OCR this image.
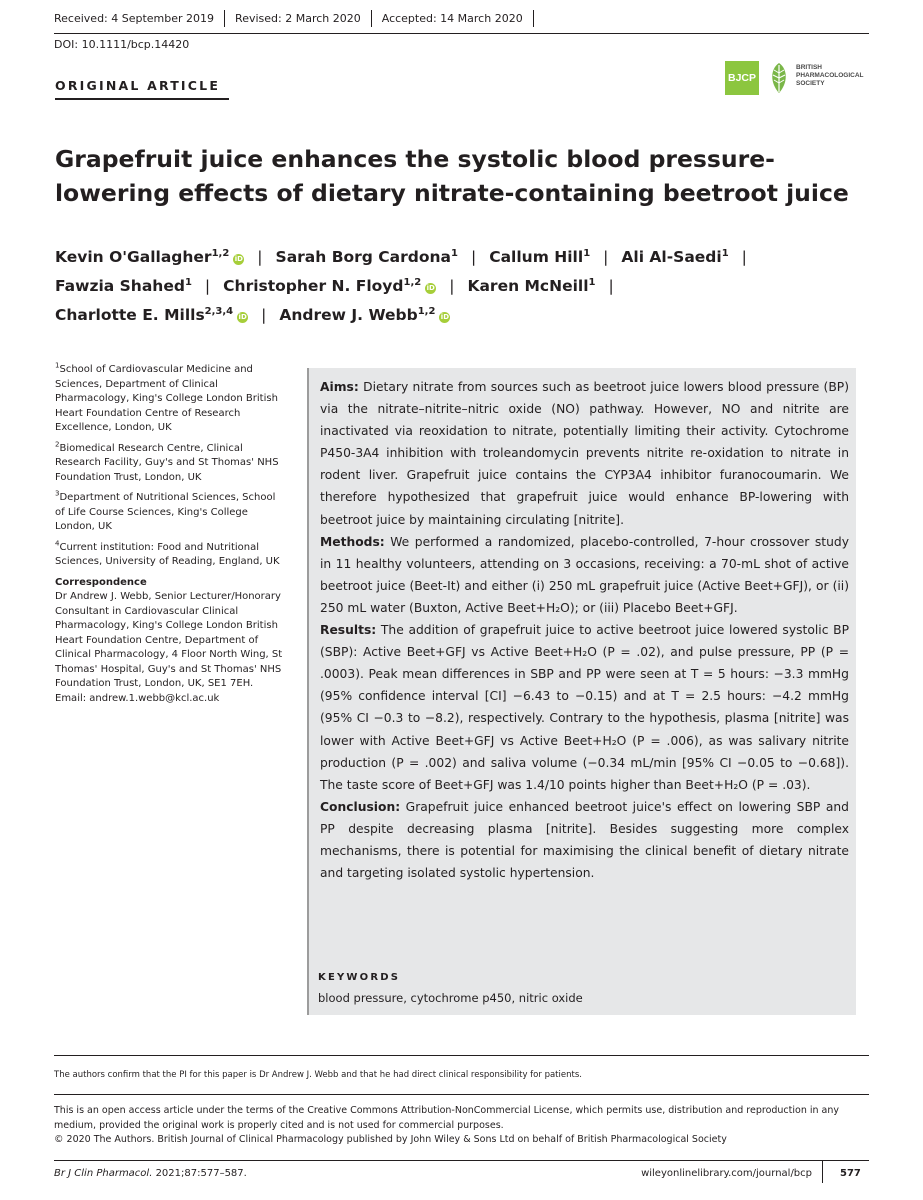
Received: 4 September 2019 Revised: 2 March 2020 Accepted: 14 March 2020
DOI: 10.1111/bcp.14420
ORIGINAL ARTICLE	BJCP
BRITISH
PHARMACOLOGICAL
SOCIETY
Grapefruit juice enhances the systolic blood pressure-lowering effects of dietary nitrate-containing beetroot juice
Kevin O'Gallagher$^{1,2}$iD | Sarah Borg Cardona$^1$ | Callum Hill$^1$ | Ali Al-Saedi$^1$ |
Fawzia Shahed$^1$ | Christopher N. Floyd$^{1,2}$iD | Karen McNeill$^1$ |
Charlotte E. Mills$^{2,3,4}$iD | Andrew J. Webb$^{1,2}$iD

$^1$School of Cardiovascular Medicine and Sciences, Department of Clinical Pharmacology, King's College London British Heart Foundation Centre of Research Excellence, London, UK

$^2$Biomedical Research Centre, Clinical Research Facility, Guy's and St Thomas' NHS Foundation Trust, London, UK

$^3$Department of Nutritional Sciences, School of Life Course Sciences, King's College London, UK

$^4$Current institution: Food and Nutritional Sciences, University of Reading, England, UK

Correspondence

Dr Andrew J. Webb, Senior Lecturer/Honorary Consultant in Cardiovascular Clinical Pharmacology, King's College London British Heart Foundation Centre, Department of Clinical Pharmacology, 4 Floor North Wing, St Thomas' Hospital, Guy's and St Thomas' NHS Foundation Trust, London, UK, SE1 7EH.
Email: andrew.1.webb@kcl.ac.uk

Aims: Dietary nitrate from sources such as beetroot juice lowers blood pressure (BP) via the nitrate–nitrite–nitric oxide (NO) pathway. However, NO and nitrite are inactivated via reoxidation to nitrate, potentially limiting their activity. Cytochrome P450-3A4 inhibition with troleandomycin prevents nitrite re-oxidation to nitrate in rodent liver. Grapefruit juice contains the CYP3A4 inhibitor furanocoumarin. We therefore hypothesized that grapefruit juice would enhance BP-lowering with beetroot juice by maintaining circulating [nitrite].

Methods: We performed a randomized, placebo-controlled, 7-hour crossover study in 11 healthy volunteers, attending on 3 occasions, receiving: a 70-mL shot of active beetroot juice (Beet-It) and either (i) 250 mL grapefruit juice (Active Beet+GFJ), or (ii) 250 mL water (Buxton, Active Beet+H₂O); or (iii) Placebo Beet+GFJ.

Results: The addition of grapefruit juice to active beetroot juice lowered systolic BP (SBP): Active Beet+GFJ vs Active Beet+H₂O (P = .02), and pulse pressure, PP (P = .0003). Peak mean differences in SBP and PP were seen at T = 5 hours: −3.3 mmHg (95% confidence interval [CI] −6.43 to −0.15) and at T = 2.5 hours: −4.2 mmHg (95% CI −0.3 to −8.2), respectively. Contrary to the hypothesis, plasma [nitrite] was lower with Active Beet+GFJ vs Active Beet+H₂O (P = .006), as was salivary nitrite production (P = .002) and saliva volume (−0.34 mL/min [95% CI −0.05 to −0.68]). The taste score of Beet+GFJ was 1.4/10 points higher than Beet+H₂O (P = .03).

Conclusion: Grapefruit juice enhanced beetroot juice's effect on lowering SBP and PP despite decreasing plasma [nitrite]. Besides suggesting more complex mechanisms, there is potential for maximising the clinical benefit of dietary nitrate and targeting isolated systolic hypertension.

KEYWORDS
blood pressure, cytochrome p450, nitric oxide
The authors confirm that the PI for this paper is Dr Andrew J. Webb and that he had direct clinical responsibility for patients.

This is an open access article under the terms of the Creative Commons Attribution-NonCommercial License, which permits use, distribution and reproduction in any medium, provided the original work is properly cited and is not used for commercial purposes.

© 2020 The Authors. British Journal of Clinical Pharmacology published by John Wiley & Sons Ltd on behalf of British Pharmacological Society

Br J Clin Pharmacol. 2021;87:577–587.	wileyonlinelibrary.com/journal/bcp	577
